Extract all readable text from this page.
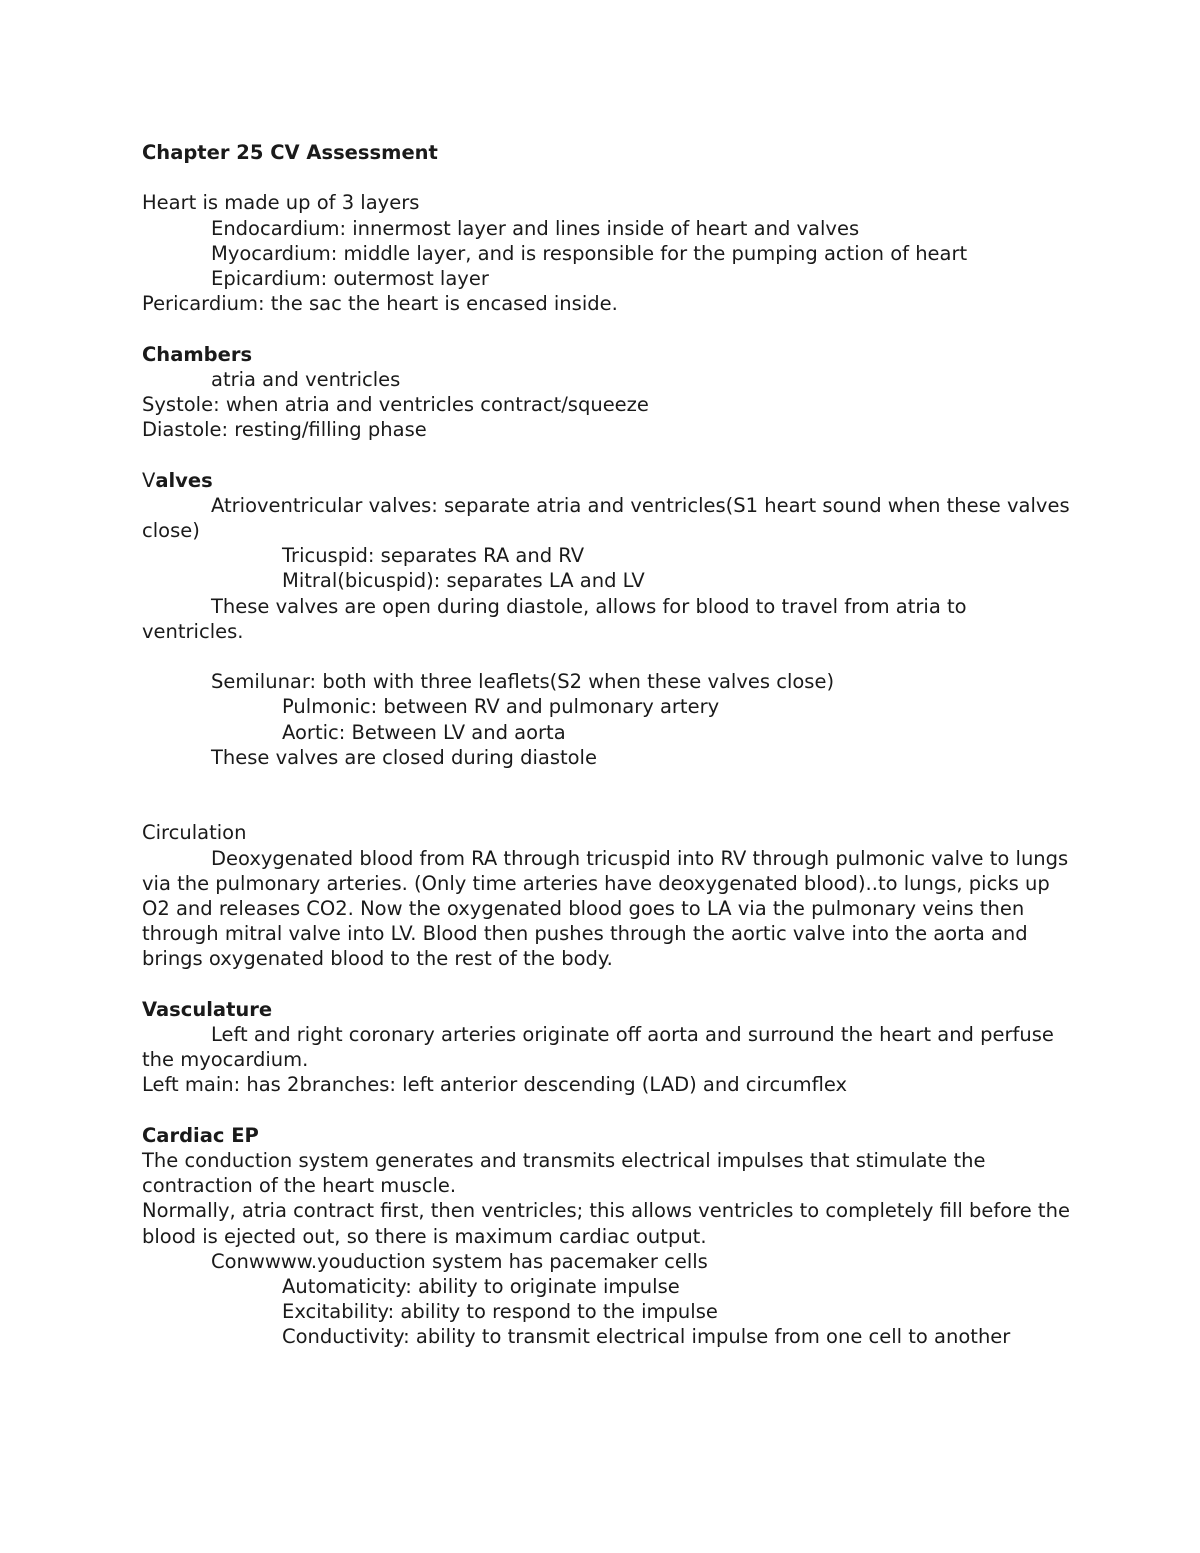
Chapter 25 CV Assessment

Heart is made up of 3 layers

Endocardium: innermost layer and lines inside of heart and valves

Myocardium: middle layer, and is responsible for the pumping action of heart

Epicardium: outermost layer

Pericardium: the sac the heart is encased inside.

Chambers

atria and ventricles

Systole: when atria and ventricles contract/squeeze

Diastole: resting/filling phase

Valves

Atrioventricular valves: separate atria and ventricles(S1 heart sound when these valves close)

Tricuspid: separates RA and RV

Mitral(bicuspid): separates LA and LV

These valves are open during diastole, allows for blood to travel from atria to ventricles.

Semilunar: both with three leaflets(S2 when these valves close)

Pulmonic: between RV and pulmonary artery

Aortic: Between LV and aorta

These valves are closed during diastole

Circulation

Deoxygenated blood from RA through tricuspid into RV through pulmonic valve to lungs via the pulmonary arteries. (Only time arteries have deoxygenated blood)..to lungs, picks up O2 and releases CO2. Now the oxygenated blood goes to LA via the pulmonary veins then through mitral valve into LV. Blood then pushes through the aortic valve into the aorta and brings oxygenated blood to the rest of the body.

Vasculature

Left and right coronary arteries originate off aorta and surround the heart and perfuse the myocardium.

Left main: has 2branches: left anterior descending (LAD) and circumflex

Cardiac EP

The conduction system generates and transmits electrical impulses that stimulate the contraction of the heart muscle.

Normally, atria contract first, then ventricles; this allows ventricles to completely fill before the blood is ejected out, so there is maximum cardiac output.

Conwwww.youduction system has pacemaker cells

Automaticity: ability to originate impulse

Excitability: ability to respond to the impulse

Conductivity: ability to transmit electrical impulse from one cell to another
